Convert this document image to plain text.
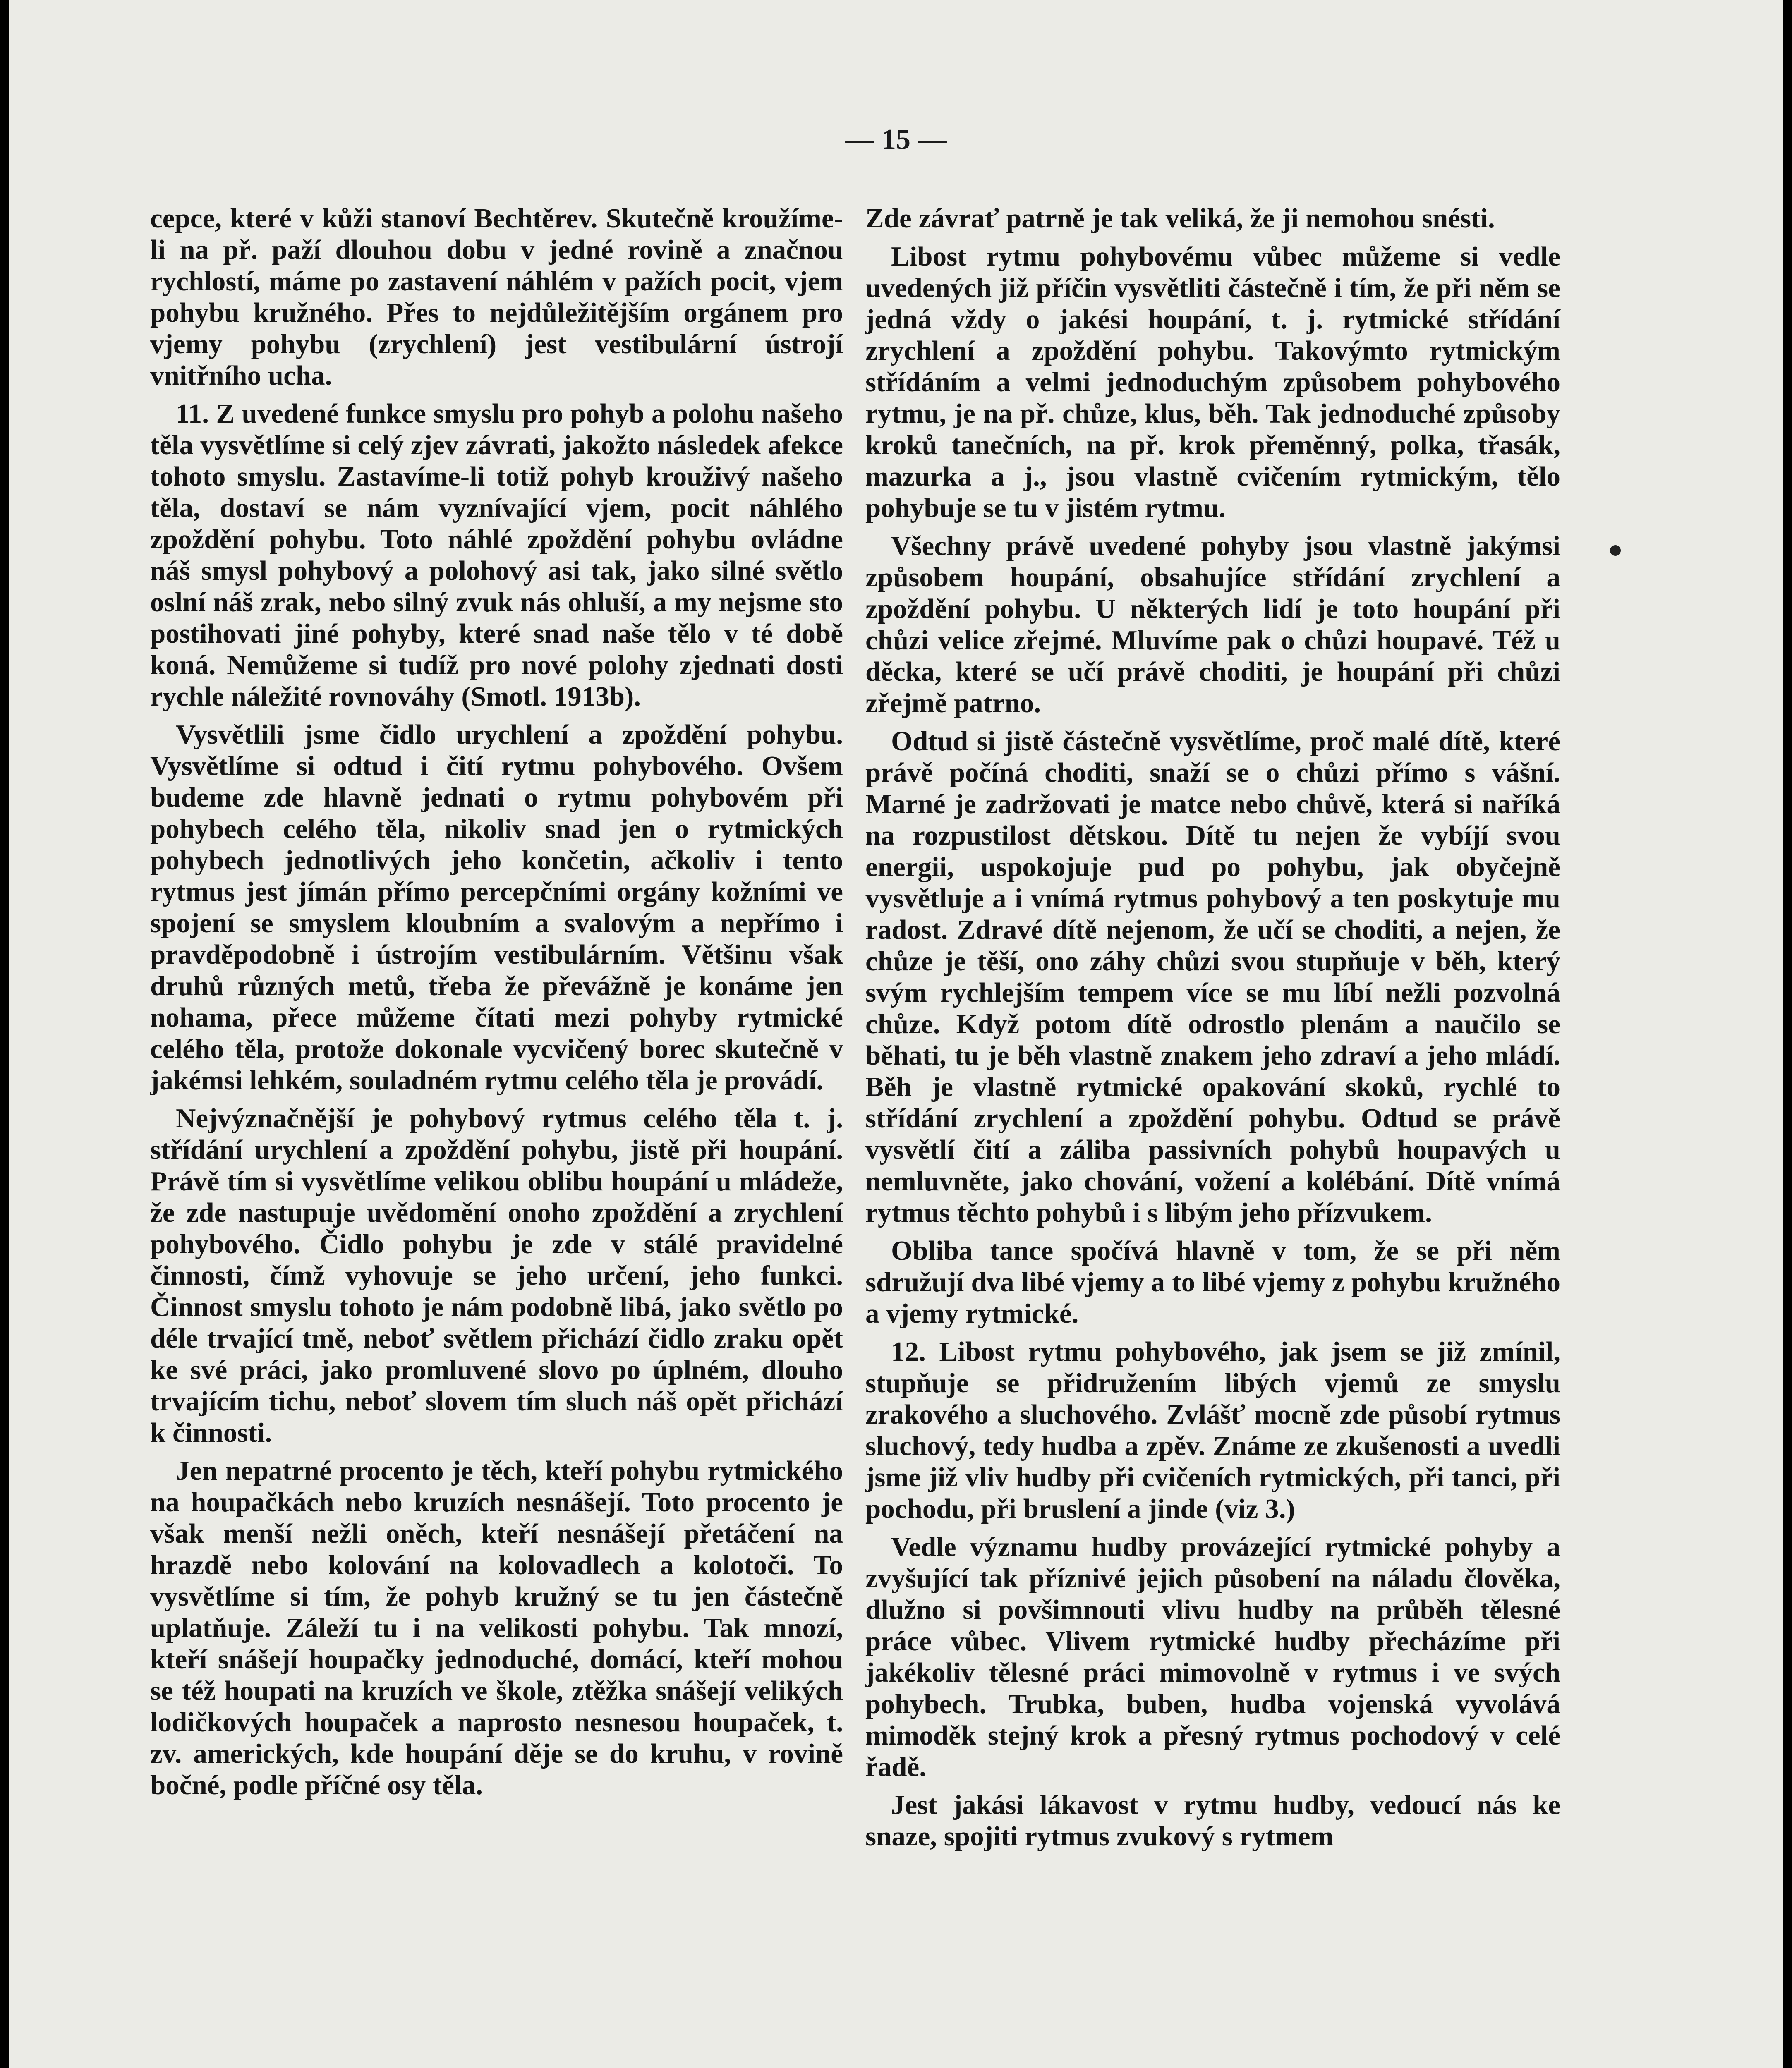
— 15 —

cepce, které v kůži stanoví Bechtěrev. Skutečně kroužíme-li na př. paží dlouhou dobu v jedné rovině a značnou rychlostí, máme po zastavení náhlém v pažích pocit, vjem pohybu kružného. Přes to nejdůležitějším orgánem pro vjemy pohybu (zrychlení) jest vestibulární ústrojí vnitřního ucha.

11. Z uvedené funkce smyslu pro pohyb a polohu našeho těla vysvětlíme si celý zjev závrati, jakožto následek afekce tohoto smyslu. Zastavíme-li totiž pohyb krouživý našeho těla, dostaví se nám vyznívající vjem, pocit náhlého zpoždění pohybu. Toto náhlé zpoždění pohybu ovládne náš smysl pohybový a polohový asi tak, jako silné světlo oslní náš zrak, nebo silný zvuk nás ohluší, a my nejsme sto postihovati jiné pohyby, které snad naše tělo v té době koná. Nemůžeme si tudíž pro nové polohy zjednati dosti rychle náležité rovnováhy (Smotl. 1913b).

Vysvětlili jsme čidlo urychlení a zpoždění pohybu. Vysvětlíme si odtud i čití rytmu pohybového. Ovšem budeme zde hlavně jednati o rytmu pohybovém při pohybech celého těla, nikoliv snad jen o rytmických pohybech jednotlivých jeho končetin, ačkoliv i tento rytmus jest jímán přímo percepčními orgány kožními ve spojení se smyslem kloubním a svalovým a nepřímo i pravděpodobně i ústrojím vestibulárním. Většinu však druhů různých metů, třeba že převážně je konáme jen nohama, přece můžeme čítati mezi pohyby rytmické celého těla, protože dokonale vycvičený borec skutečně v jakémsi lehkém, souladném rytmu celého těla je provádí.

Nejvýznačnější je pohybový rytmus celého těla t. j. střídání urychlení a zpoždění pohybu, jistě při houpání. Právě tím si vysvětlíme velikou oblibu houpání u mládeže, že zde nastupuje uvědomění onoho zpoždění a zrychlení pohybového. Čidlo pohybu je zde v stálé pravidelné činnosti, čímž vyhovuje se jeho určení, jeho funkci. Činnost smyslu tohoto je nám podobně libá, jako světlo po déle trvající tmě, neboť světlem přichází čidlo zraku opět ke své práci, jako promluvené slovo po úplném, dlouho trvajícím tichu, neboť slovem tím sluch náš opět přichází k činnosti.

Jen nepatrné procento je těch, kteří pohybu rytmického na houpačkách nebo kruzích nesnášejí. Toto procento je však menší nežli oněch, kteří nesnášejí přetáčení na hrazdě nebo kolování na kolovadlech a kolotoči. To vysvětlíme si tím, že pohyb kružný se tu jen částečně uplatňuje. Záleží tu i na velikosti pohybu. Tak mnozí, kteří snášejí houpačky jednoduché, domácí, kteří mohou se též houpati na kruzích ve škole, ztěžka snášejí velikých lodičkových houpaček a naprosto nesnesou houpaček, t. zv. amerických, kde houpání děje se do kruhu, v rovině bočné, podle příčné osy těla.

Zde závrať patrně je tak veliká, že ji nemohou snésti.

Libost rytmu pohybovému vůbec můžeme si vedle uvedených již příčin vysvětliti částečně i tím, že při něm se jedná vždy o jakési houpání, t. j. rytmické střídání zrychlení a zpoždění pohybu. Takovýmto rytmickým střídáním a velmi jednoduchým způsobem pohybového rytmu, je na př. chůze, klus, běh. Tak jednoduché způsoby kroků tanečních, na př. krok přeměnný, polka, třasák, mazurka a j., jsou vlastně cvičením rytmickým, tělo pohybuje se tu v jistém rytmu.

Všechny právě uvedené pohyby jsou vlastně jakýmsi způsobem houpání, obsahujíce střídání zrychlení a zpoždění pohybu. U některých lidí je toto houpání při chůzi velice zřejmé. Mluvíme pak o chůzi houpavé. Též u děcka, které se učí právě choditi, je houpání při chůzi zřejmě patrno.

Odtud si jistě částečně vysvětlíme, proč malé dítě, které právě počíná choditi, snaží se o chůzi přímo s vášní. Marné je zadržovati je matce nebo chůvě, která si naříká na rozpustilost dětskou. Dítě tu nejen že vybíjí svou energii, uspokojuje pud po pohybu, jak obyčejně vysvětluje a i vnímá rytmus pohybový a ten poskytuje mu radost. Zdravé dítě nejenom, že učí se choditi, a nejen, že chůze je těší, ono záhy chůzi svou stupňuje v běh, který svým rychlejším tempem více se mu líbí nežli pozvolná chůze. Když potom dítě odrostlo plenám a naučilo se běhati, tu je běh vlastně znakem jeho zdraví a jeho mládí. Běh je vlastně rytmické opakování skoků, rychlé to střídání zrychlení a zpoždění pohybu. Odtud se právě vysvětlí čití a záliba passivních pohybů houpavých u nemluvněte, jako chování, vožení a kolébání. Dítě vnímá rytmus těchto pohybů i s libým jeho přízvukem.

Obliba tance spočívá hlavně v tom, že se při něm sdružují dva libé vjemy a to libé vjemy z pohybu kružného a vjemy rytmické.

12. Libost rytmu pohybového, jak jsem se již zmínil, stupňuje se přidružením libých vjemů ze smyslu zrakového a sluchového. Zvlášť mocně zde působí rytmus sluchový, tedy hudba a zpěv. Známe ze zkušenosti a uvedli jsme již vliv hudby při cvičeních rytmických, při tanci, při pochodu, při bruslení a jinde (viz 3.)

Vedle významu hudby provázející rytmické pohyby a zvyšující tak příznivé jejich působení na náladu člověka, dlužno si povšimnouti vlivu hudby na průběh tělesné práce vůbec. Vlivem rytmické hudby přecházíme při jakékoliv tělesné práci mimovolně v rytmus i ve svých pohybech. Trubka, buben, hudba vojenská vyvolává mimoděk stejný krok a přesný rytmus pochodový v celé řadě.

Jest jakási lákavost v rytmu hudby, vedoucí nás ke snaze, spojiti rytmus zvukový s rytmem
